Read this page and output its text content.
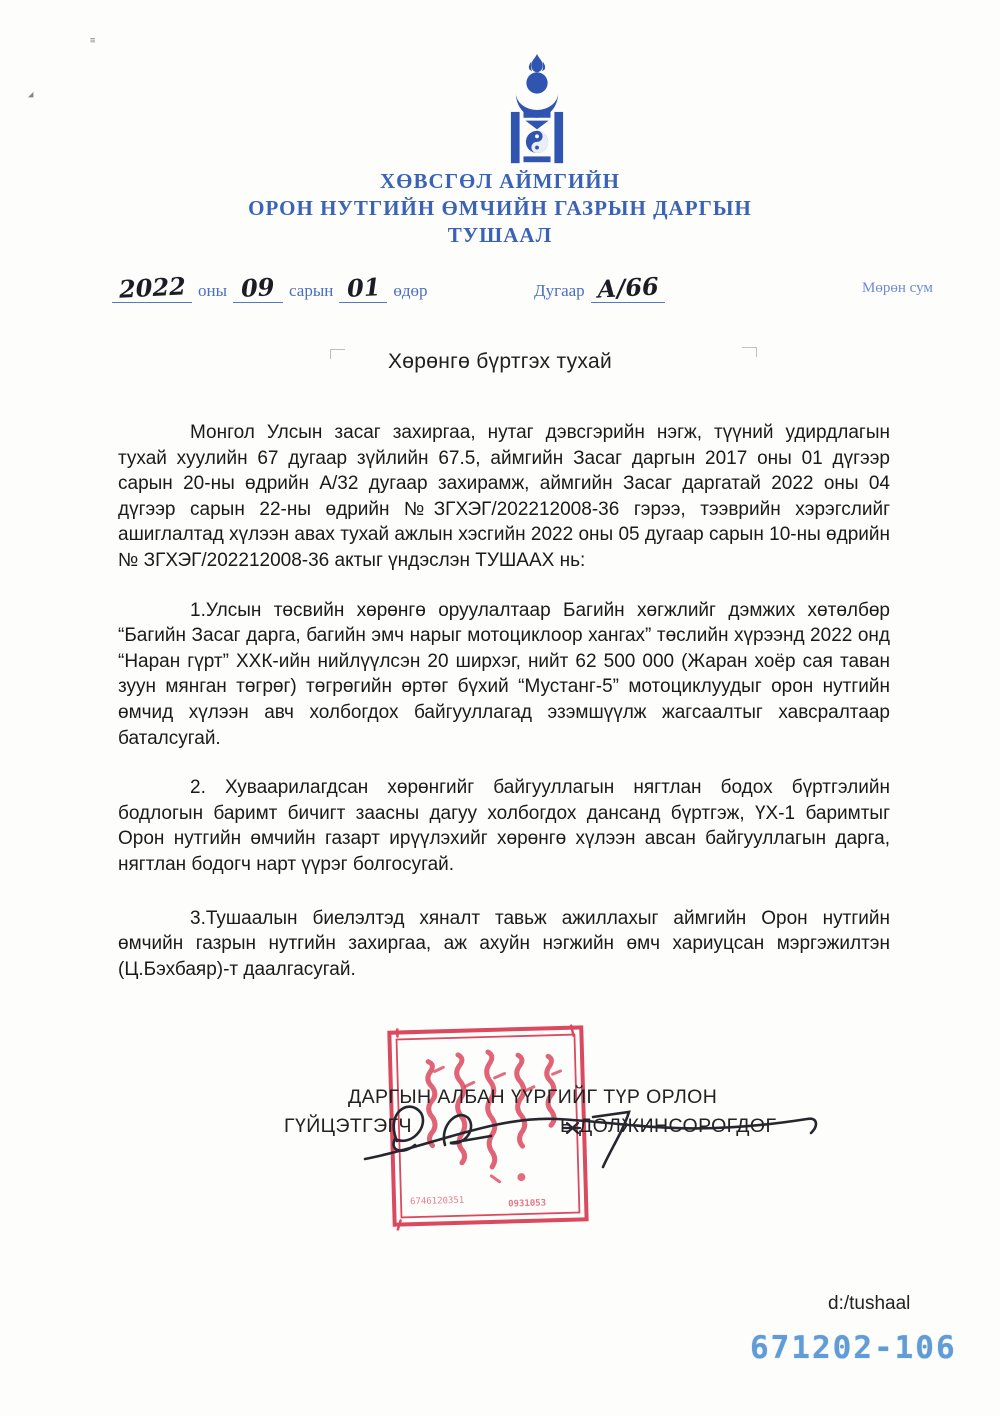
≡
◢
ХӨВСГӨЛ АЙМГИЙН
ОРОН НУТГИЙН ӨМЧИЙН ГАЗРЫН ДАРГЫН
ТУШААЛ
2022 оны 09 сарын 01 өдөр	Дугаар А/66	Мөрөн сум
Хөрөнгө бүртгэх тухай

Монгол Улсын засаг захиргаа, нутаг дэвсгэрийн нэгж, түүний удирдлагын тухай хуулийн 67 дугаар зүйлийн 67.5, аймгийн Засаг даргын 2017 оны 01 дүгээр сарын 20-ны өдрийн А/32 дугаар захирамж, аймгийн Засаг даргатай 2022 оны 04 дүгээр сарын 22-ны өдрийн №ЗГХЭГ/202212008-36 гэрээ, тээврийн хэрэгслийг ашиглалтад хүлээн авах тухай ажлын хэсгийн 2022 оны 05 дугаар сарын 10-ны өдрийн № ЗГХЭГ/202212008-36 актыг үндэслэн ТУШААХ нь:

1.Улсын төсвийн хөрөнгө оруулалтаар Багийн хөгжлийг дэмжих хөтөлбөр “Багийн Засаг дарга, багийн эмч нарыг мотоциклоор хангах” төслийн хүрээнд 2022 онд “Наран гүрт” ХХК-ийн нийлүүлсэн 20 ширхэг, нийт 62 500 000 (Жаран хоёр сая таван зуун мянган төгрөг) төгрөгийн өртөг бүхий “Мустанг-5” мотоциклуудыг орон нутгийн өмчид хүлээн авч холбогдох байгууллагад эзэмшүүлж жагсаалтыг хавсралтаар баталсугай.

2. Хуваарилагдсан хөрөнгийг байгууллагын нягтлан бодох бүртгэлийн бодлогын баримт бичигт заасны дагуу холбогдох дансанд бүртгэж, ҮХ-1 баримтыг Орон нутгийн өмчийн газарт ирүүлэхийг хөрөнгө хүлээн авсан байгууллагын дарга, нягтлан бодогч нарт үүрэг болгосугай.

3.Тушаалын биелэлтэд хяналт тавьж ажиллахыг аймгийн Орон нутгийн өмчийн газрын нутгийн захиргаа, аж ахуйн нэгжийн өмч хариуцсан мэргэжилтэн (Ц.Бэхбаяр)-т даалгасугай.

6746120351	0931053
ДАРГЫН АЛБАН ҮҮРГИЙГ ТҮР ОРЛОН
ГҮЙЦЭТГЭГЧ	Б.ДОЛЖИНСОРОГДОГ
d:/tushaal
671202-106
